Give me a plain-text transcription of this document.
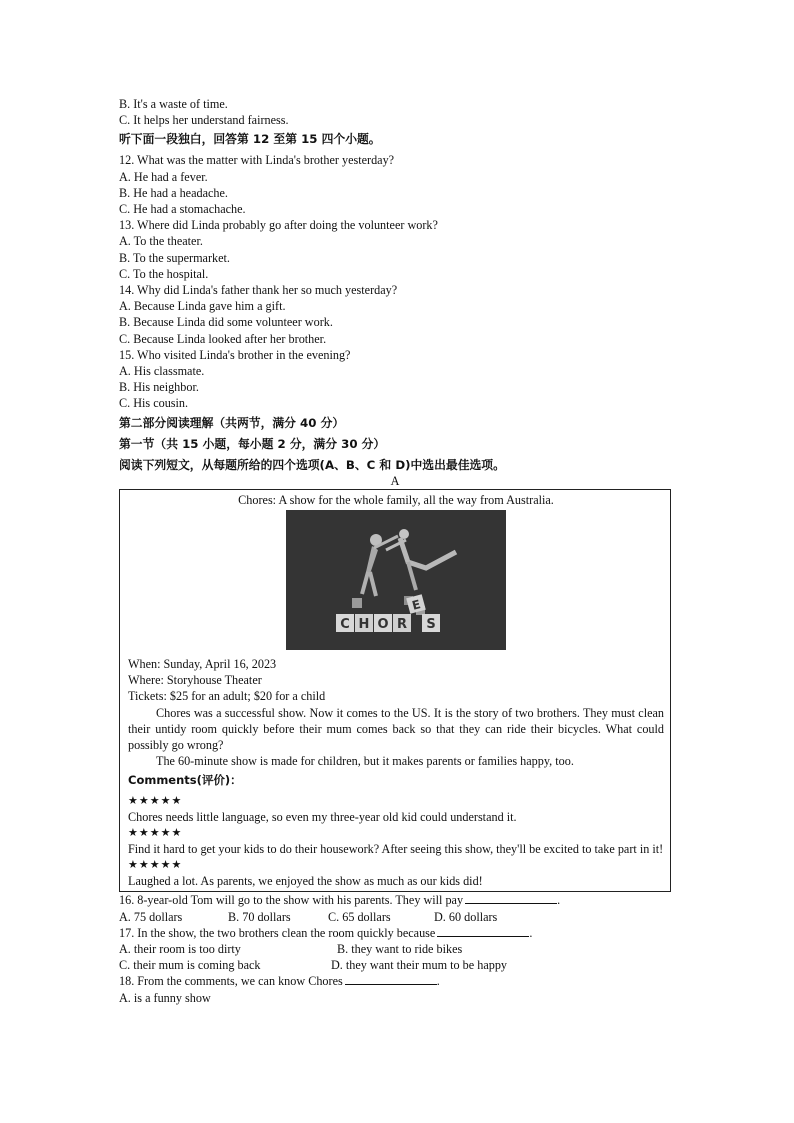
B. It's a waste of time.
C. It helps her understand fairness.
听下面一段独白，回答第 12 至第 15 四个小题。
12. What was the matter with Linda's brother yesterday?
A. He had a fever.
B. He had a headache.
C. He had a stomachache.
13. Where did Linda probably go after doing the volunteer work?
A. To the theater.
B. To the supermarket.
C. To the hospital.
14. Why did Linda's father thank her so much yesterday?
A. Because Linda gave him a gift.
B. Because Linda did some volunteer work.
C. Because Linda looked after her brother.
15. Who visited Linda's brother in the evening?
A. His classmate.
B. His neighbor.
C. His cousin.
第二部分阅读理解（共两节，满分 40 分）
第一节（共 15 小题，每小题 2 分，满分 30 分）
阅读下列短文，从每题所给的四个选项(A、B、C 和 D)中选出最佳选项。
A
Chores: A show for the whole family, all the way from Australia.
C H O R
E
S
When: Sunday, April 16, 2023
Where: Storyhouse Theater
Tickets: $25 for an adult; $20 for a child
Chores was a successful show. Now it comes to the US. It is the story of two brothers. They must clean their untidy room quickly before their mum comes back so that they can ride their bicycles. What could possibly go wrong?
The 60-minute show is made for children, but it makes parents or families happy, too.
Comments(评价)：
★★★★★
Chores needs little language, so even my three-year old kid could understand it.
★★★★★
Find it hard to get your kids to do their housework? After seeing this show, they'll be excited to take part in it!
★★★★★
Laughed a lot. As parents, we enjoyed the show as much as our kids did!
16. 8-year-old Tom will go to the show with his parents. They will pay	.
A. 75 dollars	B. 70 dollars	C. 65 dollars	D. 60 dollars
17. In the show, the two brothers clean the room quickly because	.
A. their room is too dirty	B. they want to ride bikes
C. their mum is coming back	D. they want their mum to be happy
18. From the comments, we can know Chores	.
A. is a funny show
